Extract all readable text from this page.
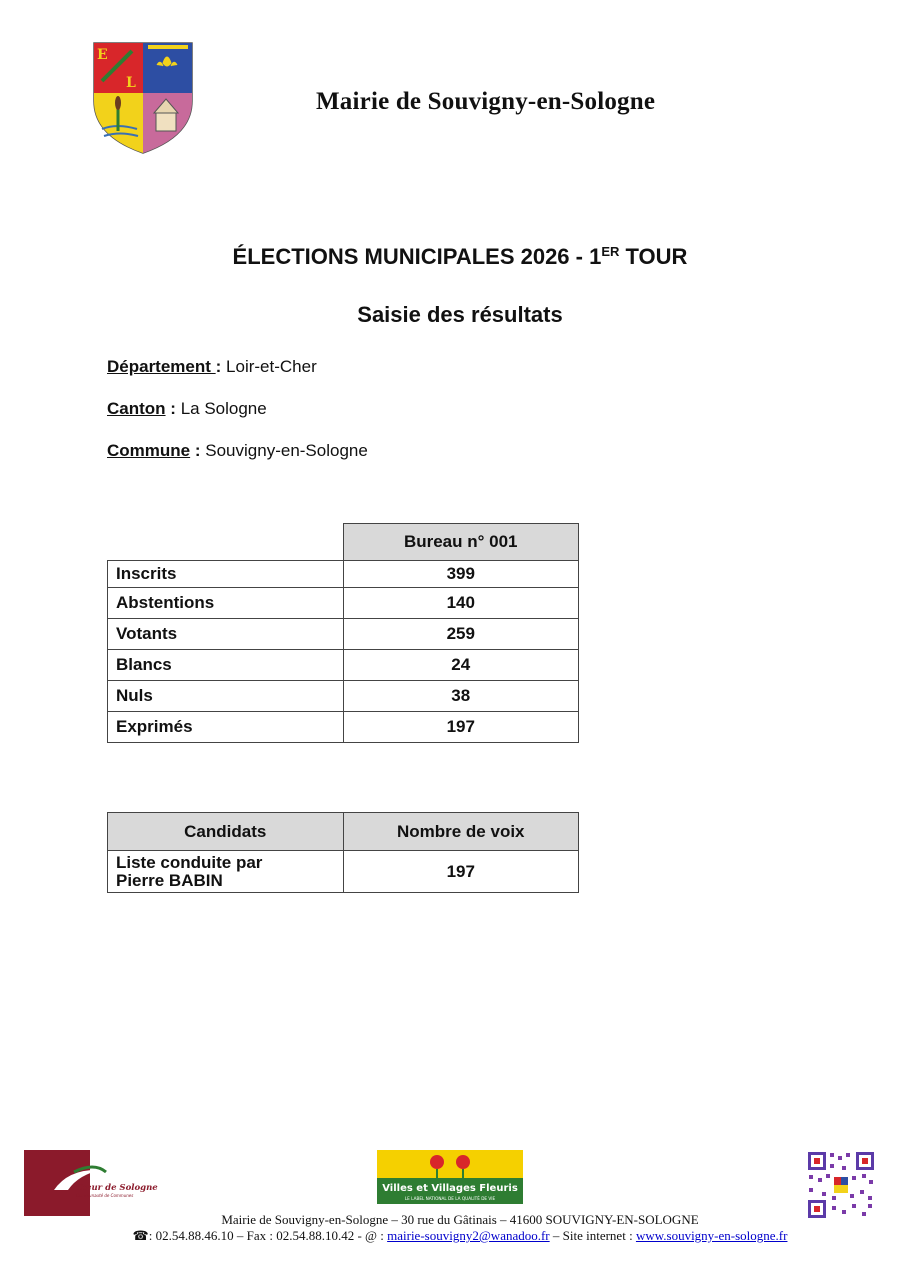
E
L
Mairie de Souvigny-en-Sologne
ÉLECTIONS MUNICIPALES 2026 - 1ER TOUR
Saisie des résultats
Département : Loir-et-Cher
Canton : La Sologne
Commune : Souvigny-en-Sologne
	Bureau n° 001
Inscrits	399
Abstentions	140
Votants	259
Blancs	24
Nuls	38
Exprimés	197
Candidats	Nombre de voix
Liste conduite par
Pierre BABIN	197
Cœur de Sologne
Communauté de Communes
Villes et Villages Fleuris
LE LABEL NATIONAL DE LA QUALITÉ DE VIE
Mairie de Souvigny-en-Sologne – 30 rue du Gâtinais – 41600 SOUVIGNY-EN-SOLOGNE
☎: 02.54.88.46.10 – Fax : 02.54.88.10.42 - @ : mairie-souvigny2@wanadoo.fr – Site internet : www.souvigny-en-sologne.fr
